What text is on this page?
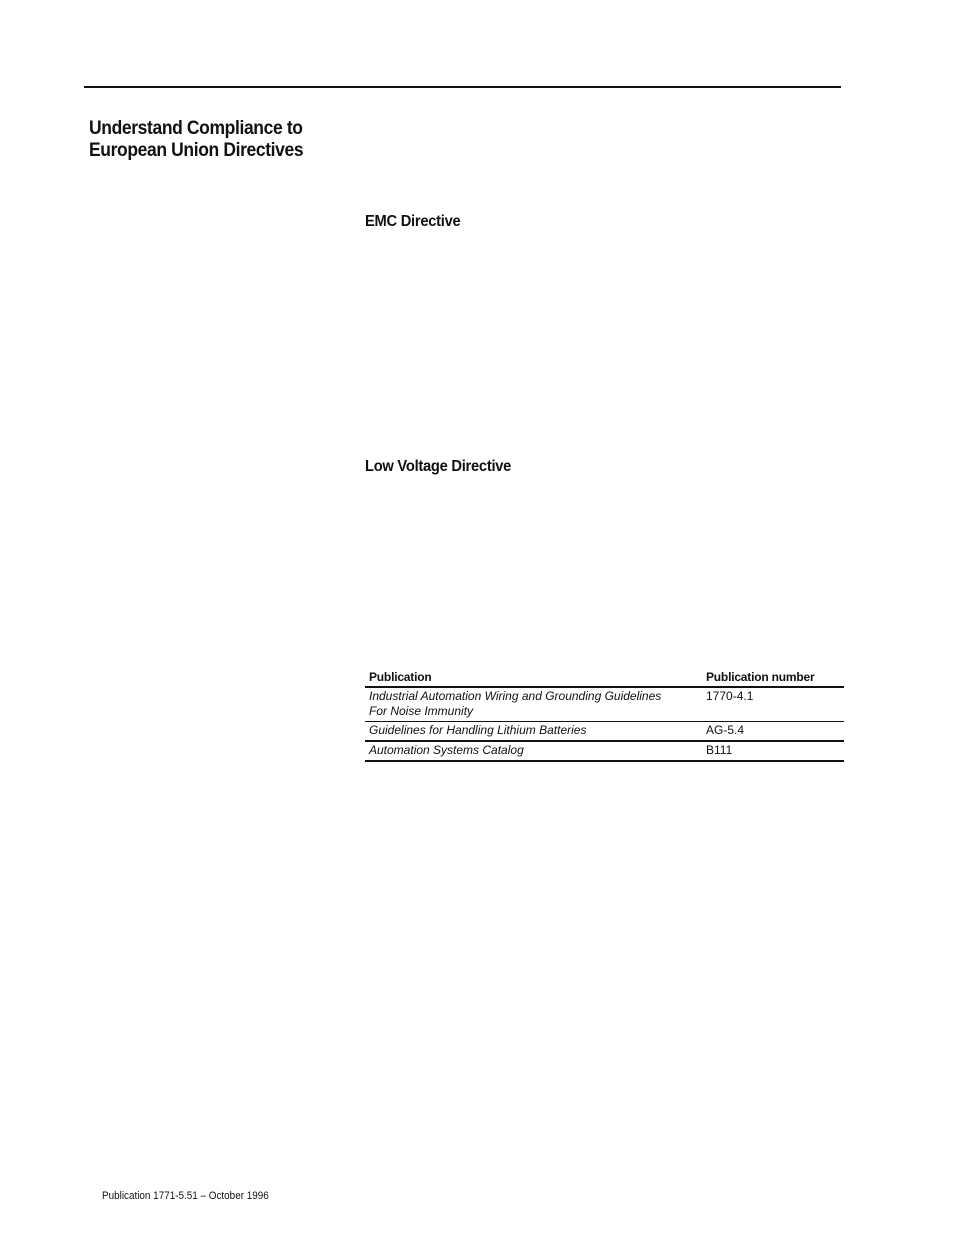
Understand Compliance to
European Union Directives
EMC Directive
Low Voltage Directive
Publication	Publication number

Industrial Automation Wiring and Grounding Guidelines
For Noise Immunity	1770-4.1

Guidelines for Handling Lithium Batteries	AG-5.4

Automation Systems Catalog	B111
Publication 1771-5.51 – October 1996
